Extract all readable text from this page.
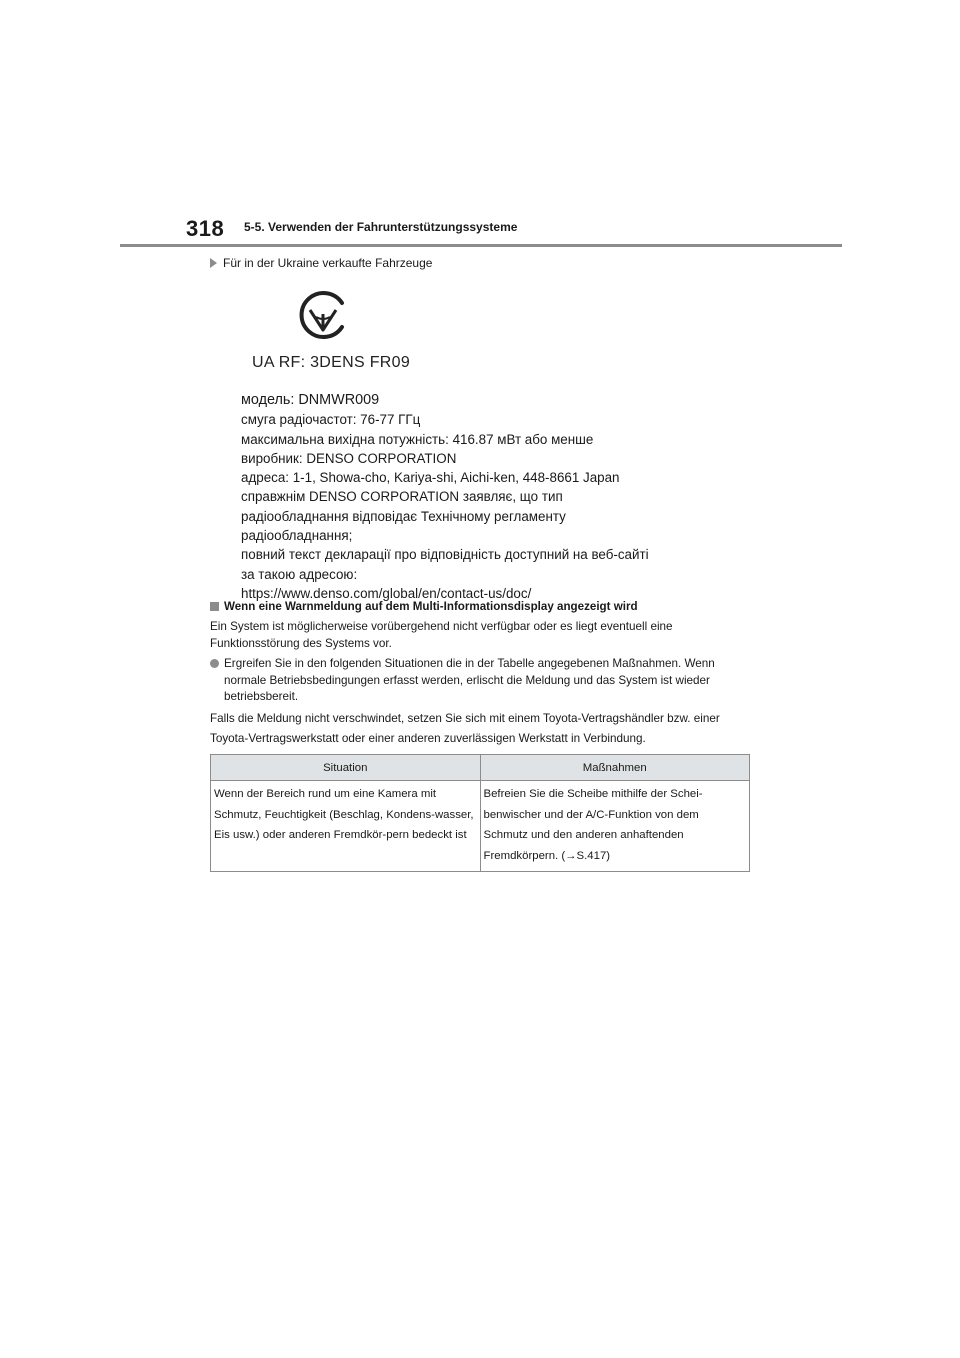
318 5-5. Verwenden der Fahrunterstützungssysteme
Für in der Ukraine verkaufte Fahrzeuge
UA RF: 3DENS FR09
модель: DNMWR009
смуга радіочастот: 76-77 ГГц
максимальна вихідна потужність: 416.87 мВт або менше
виробник: DENSO CORPORATION
адреса: 1-1, Showa-cho, Kariya-shi, Aichi-ken, 448-8661 Japan
справжнім DENSO CORPORATION заявляє, що тип
радіообладнання відповідає Технічному регламенту
радіообладнання;
повний текст декларації про відповідність доступний на веб-сайті
за такою адресою:
https://www.denso.com/global/en/contact-us/doc/
Wenn eine Warnmeldung auf dem Multi-Informationsdisplay angezeigt wird
Ein System ist möglicherweise vorübergehend nicht verfügbar oder es liegt eventuell eine Funktionsstörung des Systems vor.
Ergreifen Sie in den folgenden Situationen die in der Tabelle angegebenen Maßnahmen. Wenn normale Betriebsbedingungen erfasst werden, erlischt die Meldung und das System ist wieder betriebsbereit.
Falls die Meldung nicht verschwindet, setzen Sie sich mit einem Toyota-Vertragshändler bzw. einer Toyota-Vertragswerkstatt oder einer anderen zuverlässigen Werkstatt in Verbindung.
Situation	Maßnahmen
Wenn der Bereich rund um eine Kamera mit Schmutz, Feuchtigkeit (Beschlag, Kondens-wasser, Eis usw.) oder anderen Fremdkör-pern bedeckt ist	Befreien Sie die Scheibe mithilfe der Schei-benwischer und der A/C-Funktion von dem Schmutz und den anderen anhaftenden Fremdkörpern. (→S.417)
